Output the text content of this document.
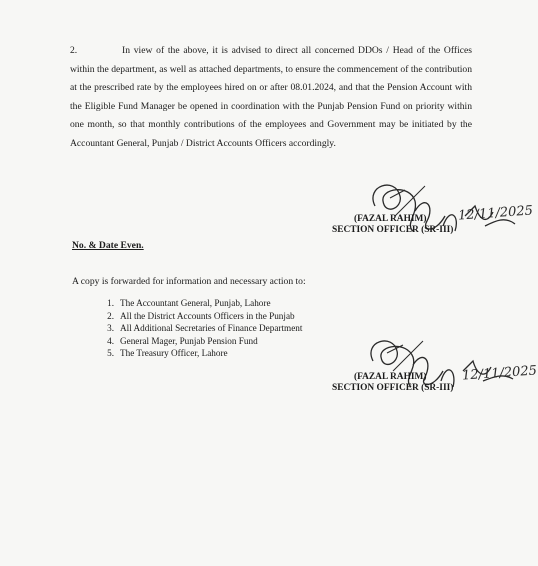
2.	In view of the above, it is advised to direct all concerned DDOs / Head of the Offices within the department, as well as attached departments, to ensure the commencement of the contribution at the prescribed rate by the employees hired on or after 08.01.2024, and that the Pension Account with the Eligible Fund Manager be opened in coordination with the Punjab Pension Fund on priority within one month, so that monthly contributions of the employees and Government may be initiated by the Accountant General, Punjab / District Accounts Officers accordingly.
(FAZAL RAHIM)
SECTION OFFICER (SR-III)
12/11/2025
No. & Date Even.
A copy is forwarded for information and necessary action to:
1. The Accountant General, Punjab, Lahore
2. All the District Accounts Officers in the Punjab
3. All Additional Secretaries of Finance Department
4. General Mager, Punjab Pension Fund
5. The Treasury Officer, Lahore
(FAZAL RAHIM)
SECTION OFFICER (SR-III)
12/11/2025
